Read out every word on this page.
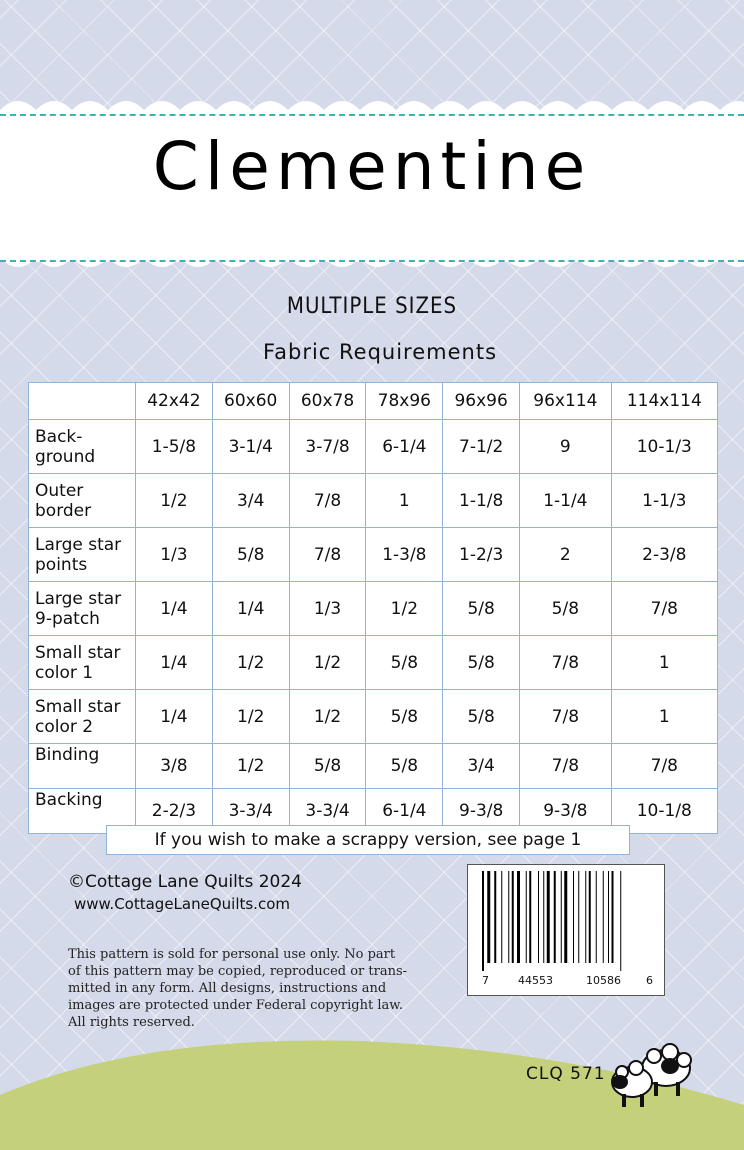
Clementine
MULTIPLE SIZES
Fabric Requirements
	42x42	60x60	60x78	78x96	96x96	96x114	114x114

Back-
ground	1-5/8	3-1/4	3-7/8	6-1/4	7-1/2	9	10-1/3

Outer
border	1/2	3/4	7/8	1	1-1/8	1-1/4	1-1/3

Large star
points	1/3	5/8	7/8	1-3/8	1-2/3	2	2-3/8

Large star
9-patch	1/4	1/4	1/3	1/2	5/8	5/8	7/8

Small star
color 1	1/4	1/2	1/2	5/8	5/8	7/8	1

Small star
color 2	1/4	1/2	1/2	5/8	5/8	7/8	1

Binding	3/8	1/2	5/8	5/8	3/4	7/8	7/8

Backing	2-2/3	3-3/4	3-3/4	6-1/4	9-3/8	9-3/8	10-1/8
If you wish to make a scrappy version, see page 1
©Cottage Lane Quilts 2024
www.CottageLaneQuilts.com
This pattern is sold for personal use only. No part
of this pattern may be copied, reproduced or trans-
mitted in any form. All designs, instructions and
images are protected under Federal copyright law.
All rights reserved.
7	44553	10586 6
CLQ 571
